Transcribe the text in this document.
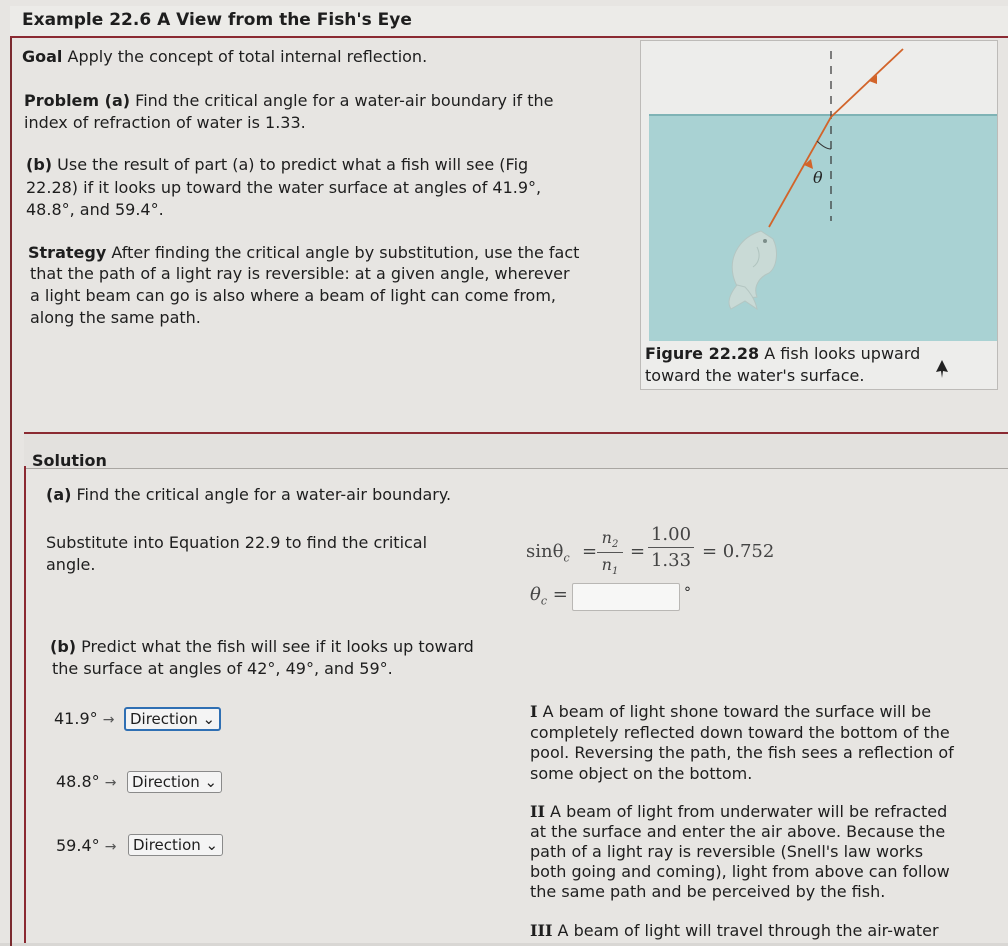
Example 22.6 A View from the Fish's Eye
Goal Apply the concept of total internal reflection.
Problem (a) Find the critical angle for a water-air boundary if the
index of refraction of water is 1.33.
(b) Use the result of part (a) to predict what a fish will see (Fig
22.28) if it looks up toward the water surface at angles of 41.9°,
48.8°, and 59.4°.
Strategy After finding the critical angle by substitution, use the fact
that the path of a light ray is reversible: at a given angle, wherever
a light beam can go is also where a beam of light can come from,
along the same path.
θ
Figure 22.28 A fish looks upward
toward the water's surface.
Solution
(a) Find the critical angle for a water-air boundary.
Substitute into Equation 22.9 to find the critical
angle.
sinθ$_c$ =
$n_2$
$n_1$
=
1.00
1.33 = 0.752
$\theta_c$ =	°
(b) Predict what the fish will see if it looks up toward
the surface at angles of 42°, 49°, and 59°.
41.9° →	Direction ⌄
48.8° →	Direction ⌄
59.4° →	Direction ⌄
I A beam of light shone toward the surface will be
completely reflected down toward the bottom of the
pool. Reversing the path, the fish sees a reflection of
some object on the bottom.
II A beam of light from underwater will be refracted
at the surface and enter the air above. Because the
path of a light ray is reversible (Snell's law works
both going and coming), light from above can follow
the same path and be perceived by the fish.
III A beam of light will travel through the air-water
